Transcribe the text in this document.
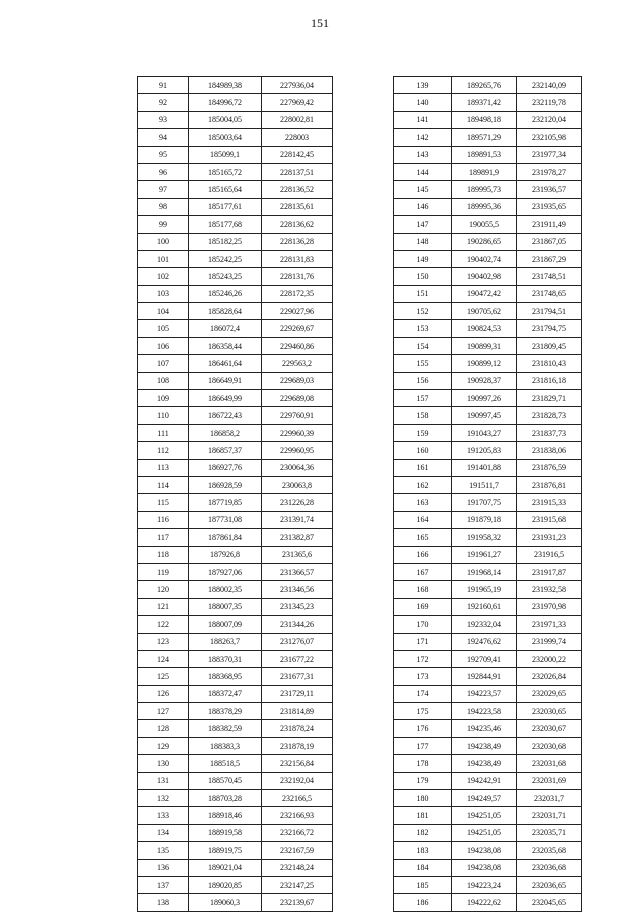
151
91	184989,38	227936,04
92	184996,72	227969,42
93	185004,05	228002,81
94	185003,64	228003
95	185099,1	228142,45
96	185165,72	228137,51
97	185165,64	228136,52
98	185177,61	228135,61
99	185177,68	228136,62
100	185182,25	228136,28
101	185242,25	228131,83
102	185243,25	228131,76
103	185246,26	228172,35
104	185828,64	229027,96
105	186072,4	229269,67
106	186358,44	229460,86
107	186461,64	229563,2
108	186649,91	229689,03
109	186649,99	229689,08
110	186722,43	229760,91
111	186858,2	229960,39
112	186857,37	229960,95
113	186927,76	230064,36
114	186928,59	230063,8
115	187719,85	231226,28
116	187731,08	231391,74
117	187861,84	231382,87
118	187926,8	231365,6
119	187927,06	231366,57
120	188002,35	231346,56
121	188007,35	231345,23
122	188007,09	231344,26
123	188263,7	231276,07
124	188370,31	231677,22
125	188368,95	231677,31
126	188372,47	231729,11
127	188378,29	231814,89
128	188382,59	231878,24
129	188383,3	231878,19
130	188518,5	232156,84
131	188570,45	232192,04
132	188703,28	232166,5
133	188918,46	232166,93
134	188919,58	232166,72
135	188919,75	232167,59
136	189021,04	232148,24
137	189020,85	232147,25
138	189060,3	232139,67
139	189265,76	232140,09
140	189371,42	232119,78
141	189498,18	232120,04
142	189571,29	232105,98
143	189891,53	231977,34
144	189891,9	231978,27
145	189995,73	231936,57
146	189995,36	231935,65
147	190055,5	231911,49
148	190286,65	231867,05
149	190402,74	231867,29
150	190402,98	231748,51
151	190472,42	231748,65
152	190705,62	231794,51
153	190824,53	231794,75
154	190899,31	231809,45
155	190899,12	231810,43
156	190928,37	231816,18
157	190997,26	231829,71
158	190997,45	231828,73
159	191043,27	231837,73
160	191205,83	231838,06
161	191401,88	231876,59
162	191511,7	231876,81
163	191707,75	231915,33
164	191879,18	231915,68
165	191958,32	231931,23
166	191961,27	231916,5
167	191968,14	231917,87
168	191965,19	231932,58
169	192160,61	231970,98
170	192332,04	231971,33
171	192476,62	231999,74
172	192709,41	232000,22
173	192844,91	232026,84
174	194223,57	232029,65
175	194223,58	232030,65
176	194235,46	232030,67
177	194238,49	232030,68
178	194238,49	232031,68
179	194242,91	232031,69
180	194249,57	232031,7
181	194251,05	232031,71
182	194251,05	232035,71
183	194238,08	232035,68
184	194238,08	232036,68
185	194223,24	232036,65
186	194222,62	232045,65
